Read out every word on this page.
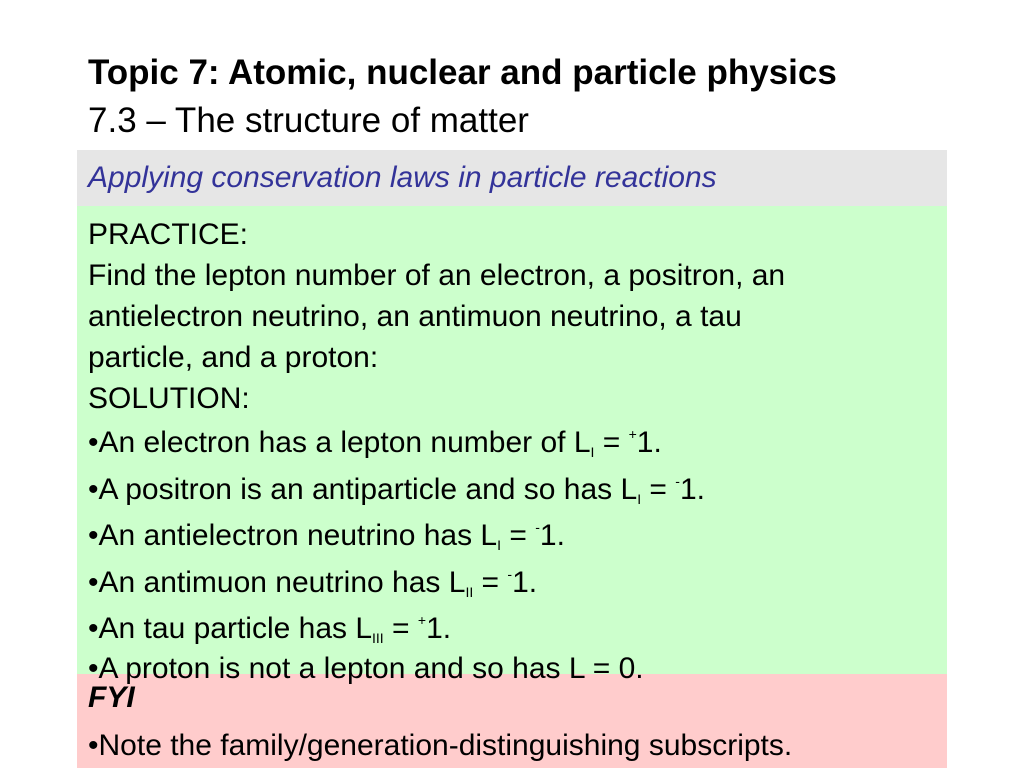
Topic 7: Atomic, nuclear and particle physics
7.3 – The structure of matter
Applying conservation laws in particle reactions
PRACTICE:
Find the lepton number of an electron, a positron, an
antielectron neutrino, an antimuon neutrino, a tau
particle, and a proton:
SOLUTION:
•An electron has a lepton number of $L_I = ^+1$.
•A positron is an antiparticle and so has $L_I = ^-1$.
•An antielectron neutrino has $L_I = ^-1$.
•An antimuon neutrino has $L_{II} = ^-1$.
•An tau particle has $L_{III} = ^+1$.
FYI
•Note the family/generation-distinguishing subscripts.
•A proton is not a lepton and so has L = 0.
